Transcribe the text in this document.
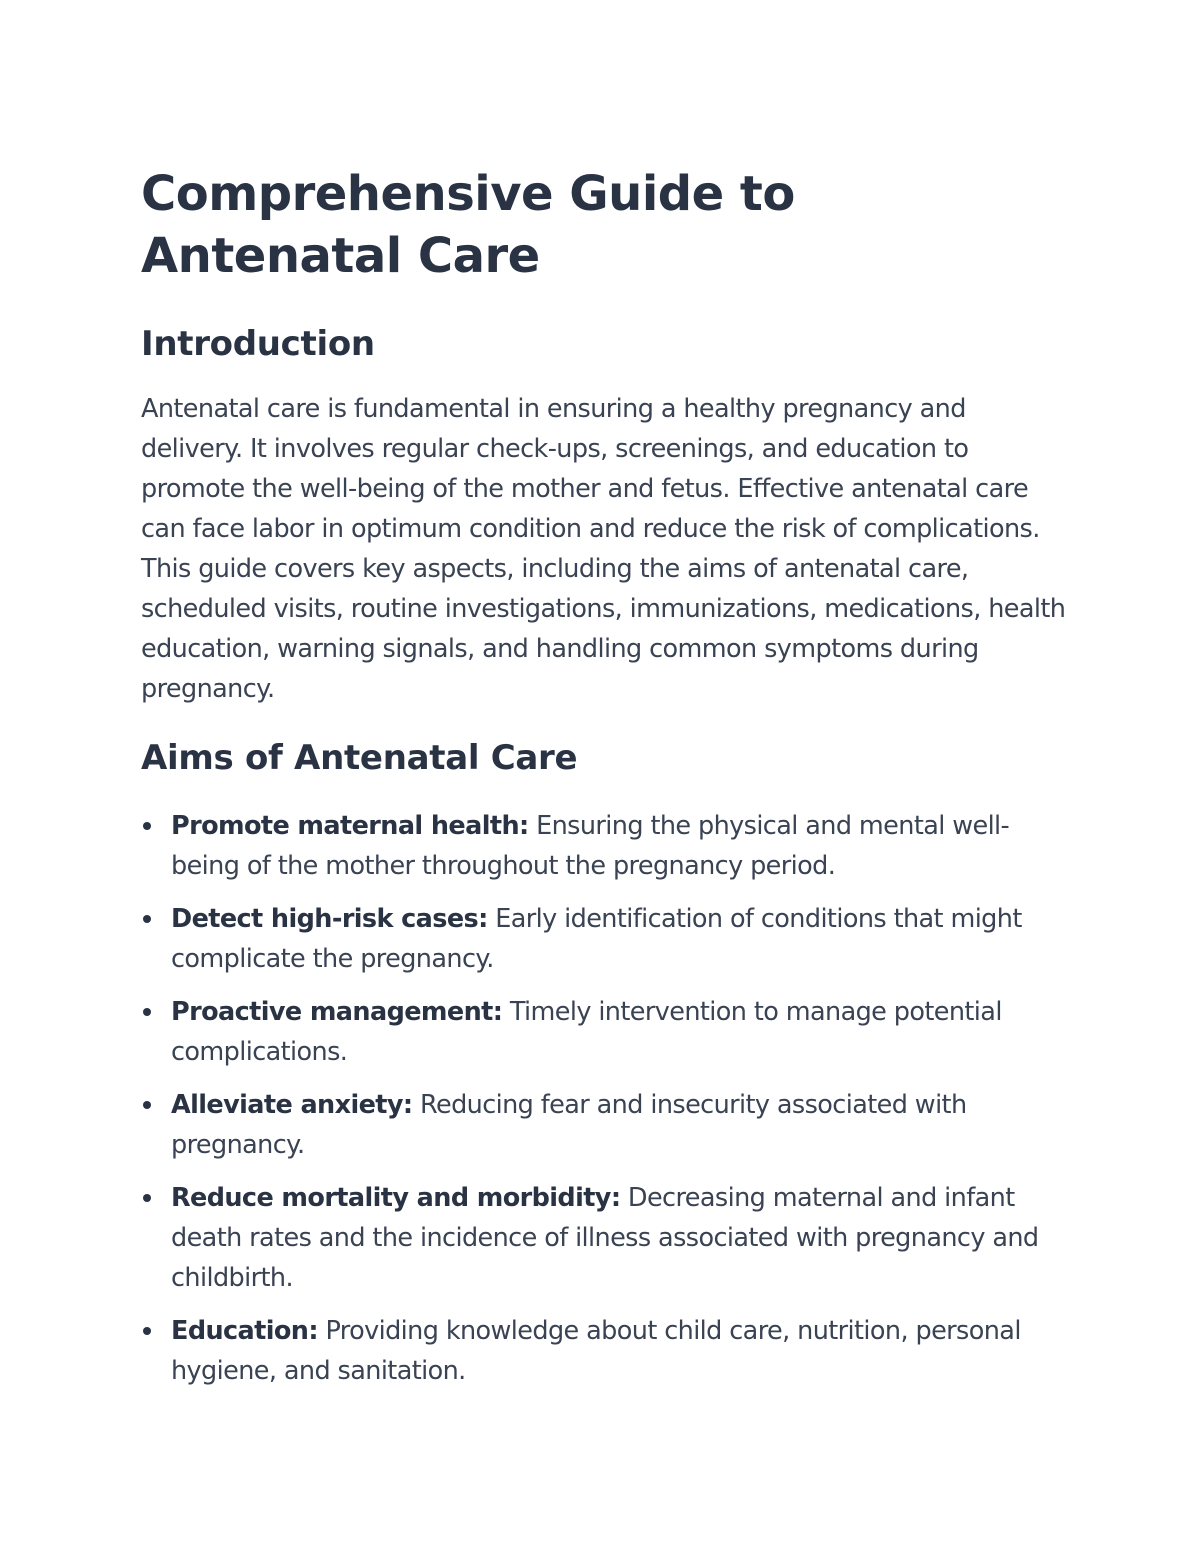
Comprehensive Guide to Antenatal Care
Introduction

Antenatal care is fundamental in ensuring a healthy pregnancy and delivery. It involves regular check-ups, screenings, and education to promote the well-being of the mother and fetus. Effective antenatal care can face labor in optimum condition and reduce the risk of complications. This guide covers key aspects, including the aims of antenatal care, scheduled visits, routine investigations, immunizations, medications, health education, warning signals, and handling common symptoms during pregnancy.

Aims of Antenatal Care
Promote maternal health: Ensuring the physical and mental well-being of the mother throughout the pregnancy period.
Detect high-risk cases: Early identification of conditions that might complicate the pregnancy.
Proactive management: Timely intervention to manage potential complications.
Alleviate anxiety: Reducing fear and insecurity associated with pregnancy.
Reduce mortality and morbidity: Decreasing maternal and infant death rates and the incidence of illness associated with pregnancy and childbirth.
Education: Providing knowledge about child care, nutrition, personal hygiene, and sanitation.
